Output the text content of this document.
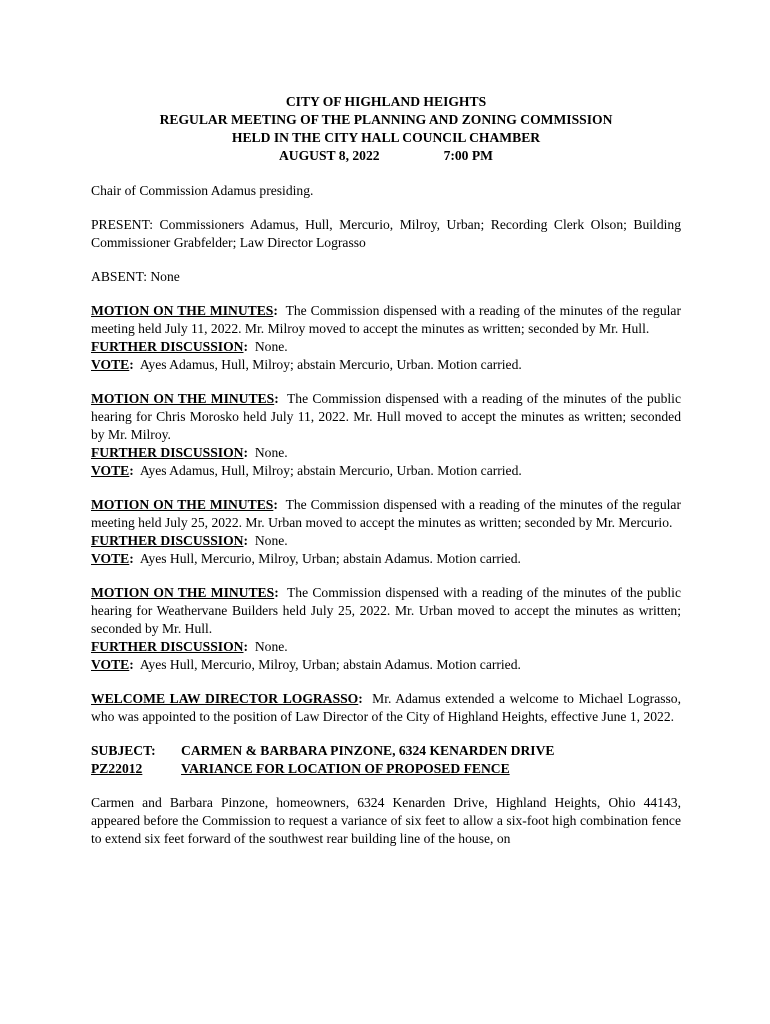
CITY OF HIGHLAND HEIGHTS
REGULAR MEETING OF THE PLANNING AND ZONING COMMISSION
HELD IN THE CITY HALL COUNCIL CHAMBER
AUGUST 8, 2022	7:00 PM

Chair of Commission Adamus presiding.

PRESENT: Commissioners Adamus, Hull, Mercurio, Milroy, Urban; Recording Clerk Olson; Building Commissioner Grabfelder; Law Director Lograsso

ABSENT: None

MOTION ON THE MINUTES: The Commission dispensed with a reading of the minutes of the regular meeting held July 11, 2022. Mr. Milroy moved to accept the minutes as written; seconded by Mr. Hull.

FURTHER DISCUSSION: None.

VOTE: Ayes Adamus, Hull, Milroy; abstain Mercurio, Urban. Motion carried.

MOTION ON THE MINUTES: The Commission dispensed with a reading of the minutes of the public hearing for Chris Morosko held July 11, 2022. Mr. Hull moved to accept the minutes as written; seconded by Mr. Milroy.

FURTHER DISCUSSION: None.

VOTE: Ayes Adamus, Hull, Milroy; abstain Mercurio, Urban. Motion carried.

MOTION ON THE MINUTES: The Commission dispensed with a reading of the minutes of the regular meeting held July 25, 2022. Mr. Urban moved to accept the minutes as written; seconded by Mr. Mercurio.

FURTHER DISCUSSION: None.

VOTE: Ayes Hull, Mercurio, Milroy, Urban; abstain Adamus. Motion carried.

MOTION ON THE MINUTES: The Commission dispensed with a reading of the minutes of the public hearing for Weathervane Builders held July 25, 2022. Mr. Urban moved to accept the minutes as written; seconded by Mr. Hull.

FURTHER DISCUSSION: None.

VOTE: Ayes Hull, Mercurio, Milroy, Urban; abstain Adamus. Motion carried.

WELCOME LAW DIRECTOR LOGRASSO: Mr. Adamus extended a welcome to Michael Lograsso, who was appointed to the position of Law Director of the City of Highland Heights, effective June 1, 2022.

SUBJECT:	CARMEN & BARBARA PINZONE, 6324 KENARDEN DRIVE
PZ22012	VARIANCE FOR LOCATION OF PROPOSED FENCE

Carmen and Barbara Pinzone, homeowners, 6324 Kenarden Drive, Highland Heights, Ohio 44143, appeared before the Commission to request a variance of six feet to allow a six-foot high combination fence to extend six feet forward of the southwest rear building line of the house, on
